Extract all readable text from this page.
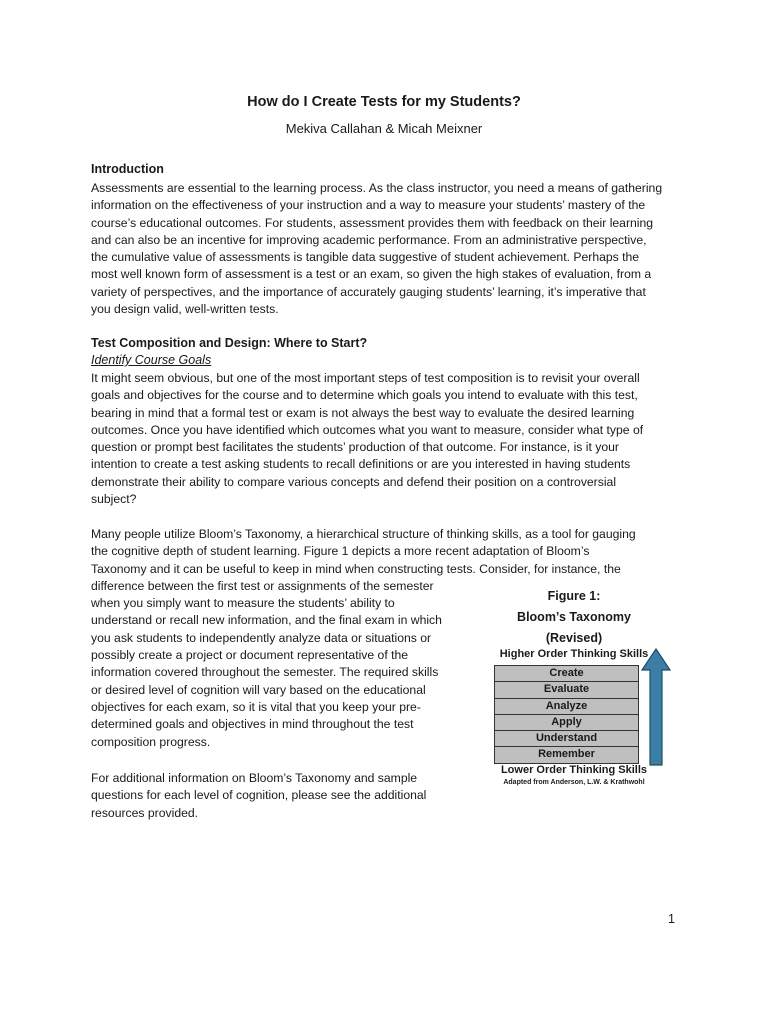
How do I Create Tests for my Students?
Mekiva Callahan & Micah Meixner
Introduction

Assessments are essential to the learning process. As the class instructor, you need a means of gathering
information on the effectiveness of your instruction and a way to measure your students’ mastery of the
course’s educational outcomes. For students, assessment provides them with feedback on their learning
and can also be an incentive for improving academic performance. From an administrative perspective,
the cumulative value of assessments is tangible data suggestive of student achievement. Perhaps the
most well known form of assessment is a test or an exam, so given the high stakes of evaluation, from a
variety of perspectives, and the importance of accurately gauging students’ learning, it’s imperative that
you design valid, well-written tests.

Test Composition and Design: Where to Start?
Identify Course Goals

It might seem obvious, but one of the most important steps of test composition is to revisit your overall
goals and objectives for the course and to determine which goals you intend to evaluate with this test,
bearing in mind that a formal test or exam is not always the best way to evaluate the desired learning
outcomes. Once you have identified which outcomes what you want to measure, consider what type of
question or prompt best facilitates the students’ production of that outcome. For instance, is it your
intention to create a test asking students to recall definitions or are you interested in having students
demonstrate their ability to compare various concepts and defend their position on a controversial
subject?

Many people utilize Bloom’s Taxonomy, a hierarchical structure of thinking skills, as a tool for gauging
the cognitive depth of student learning. Figure 1 depicts a more recent adaptation of Bloom’s
Taxonomy and it can be useful to keep in mind when constructing tests. Consider, for instance, the
difference between the first test or assignments of the semester
when you simply want to measure the students’ ability to
understand or recall new information, and the final exam in which
you ask students to independently analyze data or situations or
possibly create a project or document representative of the
information covered throughout the semester. The required skills
or desired level of cognition will vary based on the educational
objectives for each exam, so it is vital that you keep your pre-
determined goals and objectives in mind throughout the test
composition progress.

For additional information on Bloom’s Taxonomy and sample
questions for each level of cognition, please see the additional
resources provided.

Figure 1:
Bloom’s Taxonomy
(Revised)
Higher Order Thinking Skills
Create
Evaluate
Analyze
Apply
Understand
Remember
Lower Order Thinking Skills
Adapted from Anderson, L.W. & Krathwohl
1
